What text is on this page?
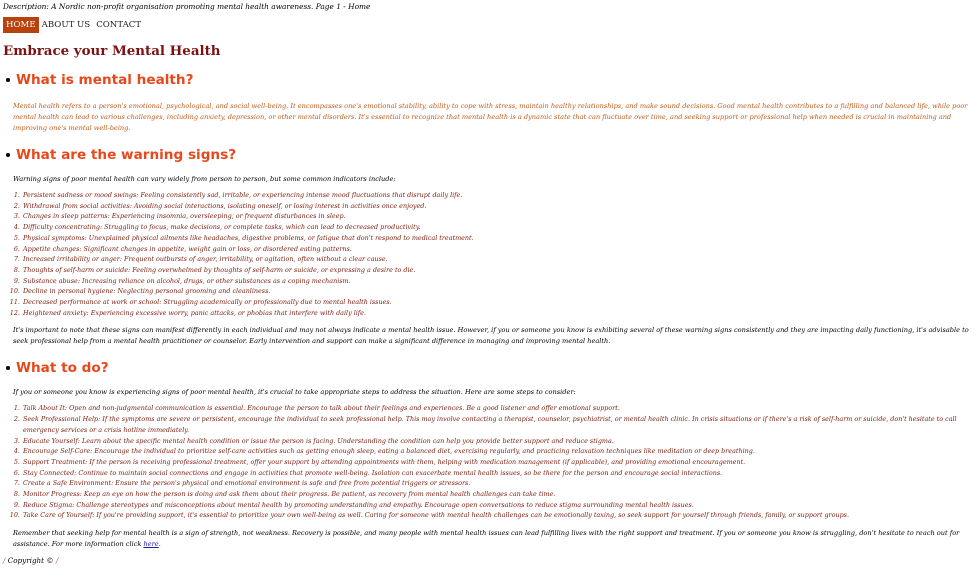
Description: A Nordic non-profit organisation promoting mental health awareness. Page 1 - Home

HOME ABOUT US CONTACT
Embrace your Mental Health
What is mental health?

Mental health refers to a person's emotional, psychological, and social well-being. It encompasses one's emotional stability, ability to cope with stress, maintain healthy relationships, and make sound decisions. Good mental health contributes to a fulfilling and balanced life, while poor mental health can lead to various challenges, including anxiety, depression, or other mental disorders. It's essential to recognize that mental health is a dynamic state that can fluctuate over time, and seeking support or professional help when needed is crucial in maintaining and improving one's mental well-being.

What are the warning signs?

Warning signs of poor mental health can vary widely from person to person, but some common indicators include:

1. Persistent sadness or mood swings: Feeling consistently sad, irritable, or experiencing intense mood fluctuations that disrupt daily life.
2. Withdrawal from social activities: Avoiding social interactions, isolating oneself, or losing interest in activities once enjoyed.
3. Changes in sleep patterns: Experiencing insomnia, oversleeping, or frequent disturbances in sleep.
4. Difficulty concentrating: Struggling to focus, make decisions, or complete tasks, which can lead to decreased productivity.
5. Physical symptoms: Unexplained physical ailments like headaches, digestive problems, or fatigue that don't respond to medical treatment.
6. Appetite changes: Significant changes in appetite, weight gain or loss, or disordered eating patterns.
7. Increased irritability or anger: Frequent outbursts of anger, irritability, or agitation, often without a clear cause.
8. Thoughts of self-harm or suicide: Feeling overwhelmed by thoughts of self-harm or suicide, or expressing a desire to die.
9. Substance abuse: Increasing reliance on alcohol, drugs, or other substances as a coping mechanism.
10. Decline in personal hygiene: Neglecting personal grooming and cleanliness.
11. Decreased performance at work or school: Struggling academically or professionally due to mental health issues.
12. Heightened anxiety: Experiencing excessive worry, panic attacks, or phobias that interfere with daily life.

It's important to note that these signs can manifest differently in each individual and may not always indicate a mental health issue. However, if you or someone you know is exhibiting several of these warning signs consistently and they are impacting daily functioning, it's advisable to seek professional help from a mental health practitioner or counselor. Early intervention and support can make a significant difference in managing and improving mental health.

What to do?

If you or someone you know is experiencing signs of poor mental health, it's crucial to take appropriate steps to address the situation. Here are some steps to consider:

1. Talk About It: Open and non-judgmental communication is essential. Encourage the person to talk about their feelings and experiences. Be a good listener and offer emotional support.
2. Seek Professional Help: If the symptoms are severe or persistent, encourage the individual to seek professional help. This may involve contacting a therapist, counselor, psychiatrist, or mental health clinic. In crisis situations or if there's a risk of self-harm or suicide, don't hesitate to call emergency services or a crisis hotline immediately.
3. Educate Yourself: Learn about the specific mental health condition or issue the person is facing. Understanding the condition can help you provide better support and reduce stigma.
4. Encourage Self-Care: Encourage the individual to prioritize self-care activities such as getting enough sleep, eating a balanced diet, exercising regularly, and practicing relaxation techniques like meditation or deep breathing.
5. Support Treatment: If the person is receiving professional treatment, offer your support by attending appointments with them, helping with medication management (if applicable), and providing emotional encouragement.
6. Stay Connected: Continue to maintain social connections and engage in activities that promote well-being. Isolation can exacerbate mental health issues, so be there for the person and encourage social interactions.
7. Create a Safe Environment: Ensure the person's physical and emotional environment is safe and free from potential triggers or stressors.
8. Monitor Progress: Keep an eye on how the person is doing and ask them about their progress. Be patient, as recovery from mental health challenges can take time.
9. Reduce Stigma: Challenge stereotypes and misconceptions about mental health by promoting understanding and empathy. Encourage open conversations to reduce stigma surrounding mental health issues.
10. Take Care of Yourself: If you're providing support, it's essential to prioritize your own well-being as well. Caring for someone with mental health challenges can be emotionally taxing, so seek support for yourself through friends, family, or support groups.

Remember that seeking help for mental health is a sign of strength, not weakness. Recovery is possible, and many people with mental health issues can lead fulfilling lives with the right support and treatment. If you or someone you know is struggling, don't hesitate to reach out for assistance. For more information click here.

/ Copyright © /
